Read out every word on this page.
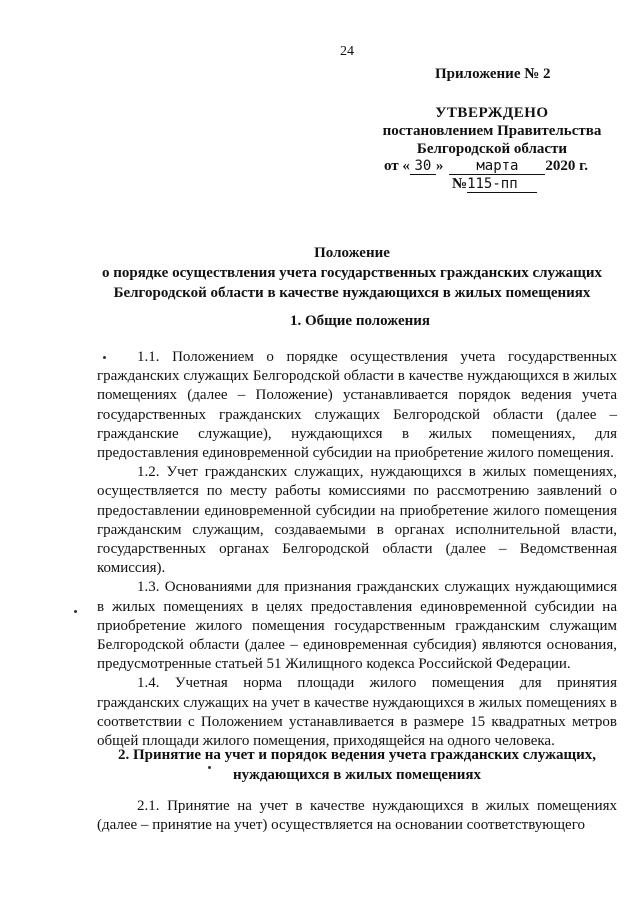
24
Приложение № 2
УТВЕРЖДЕНО
постановлением Правительства
Белгородской области
от « 30 » марта 2020 г.
№115-пп
Положение
о порядке осуществления учета государственных гражданских служащих
Белгородской области в качестве нуждающихся в жилых помещениях
1. Общие положения

1.1. Положением о порядке осуществления учета государственных гражданских служащих Белгородской области в качестве нуждающихся в жилых помещениях (далее – Положение) устанавливается порядок ведения учета государственных гражданских служащих Белгородской области (далее – гражданские служащие), нуждающихся в жилых помещениях, для предоставления единовременной субсидии на приобретение жилого помещения.

1.2. Учет гражданских служащих, нуждающихся в жилых помещениях, осуществляется по месту работы комиссиями по рассмотрению заявлений о предоставлении единовременной субсидии на приобретение жилого помещения гражданским служащим, создаваемыми в органах исполнительной власти, государственных органах Белгородской области (далее – Ведомственная комиссия).

1.3. Основаниями для признания гражданских служащих нуждающимися в жилых помещениях в целях предоставления единовременной субсидии на приобретение жилого помещения государственным гражданским служащим Белгородской области (далее – единовременная субсидия) являются основания, предусмотренные статьей 51 Жилищного кодекса Российской Федерации.

1.4. Учетная норма площади жилого помещения для принятия гражданских служащих на учет в качестве нуждающихся в жилых помещениях в соответствии с Положением устанавливается в размере 15 квадратных метров общей площади жилого помещения, приходящейся на одного человека.

2. Принятие на учет и порядок ведения учета гражданских служащих,
нуждающихся в жилых помещениях

2.1. Принятие на учет в качестве нуждающихся в жилых помещениях (далее – принятие на учет) осуществляется на основании соответствующего
